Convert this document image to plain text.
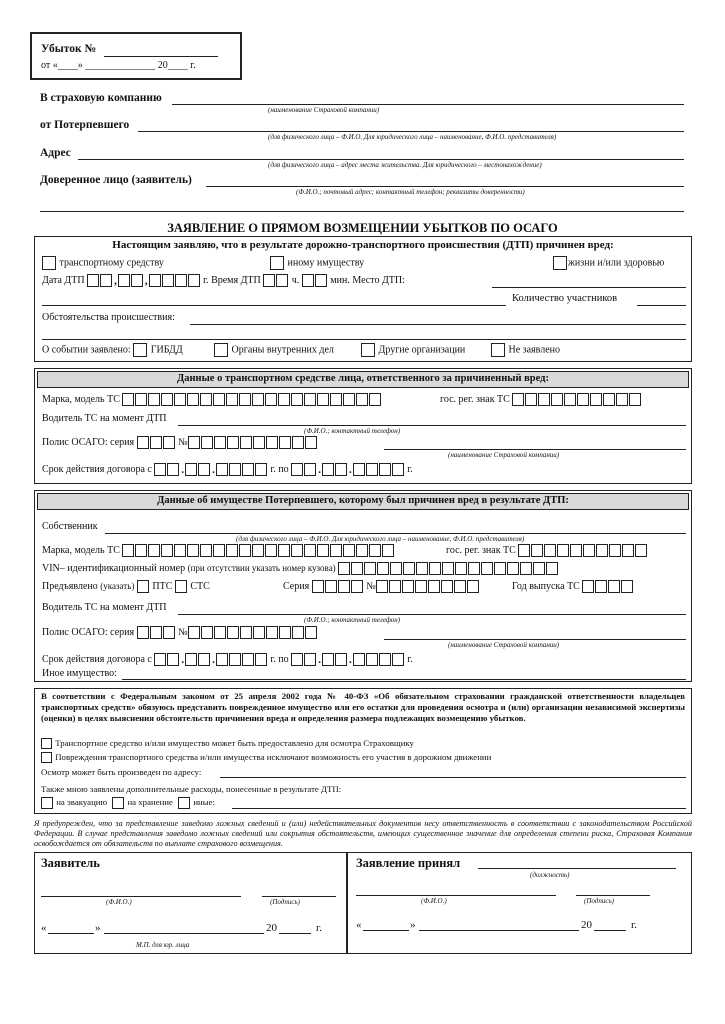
Убыток №
от «____» ______________ 20____ г.
В страховую компанию
(наименование Страховой компании)
от Потерпевшего
(для физического лица – Ф.И.О. Для юридического лица – наименование, Ф.И.О. представителя)
Адрес
(для физического лица – адрес места жительства. Для юридического – местонахождение)
Доверенное лицо (заявитель)
(Ф.И.О.; почтовый адрес; контактный телефон; реквизиты доверенности)
ЗАЯВЛЕНИЕ О ПРЯМОМ ВОЗМЕЩЕНИИ УБЫТКОВ ПО ОСАГО
Настоящим заявляю, что в результате дорожно-транспортного происшествия (ДТП) причинен вред:
транспортному средству	иному имуществу	жизни и/или здоровью
Дата ДТП	,	,	г. Время ДТП	ч.	мин. Место ДТП:
Количество участников
Обстоятельства происшествия:
О событии заявлено: ГИБДД	Органы внутренних дел	Другие организации	Не заявлено
Данные о транспортном средстве лица, ответственного за причиненный вред:
Марка, модель ТС	гос. рег. знак ТС
Водитель ТС на момент ДТП
(Ф.И.О.; контактный телефон)
Полис ОСАГО: серия	№
(наименование Страховой компании)
Срок действия договора с	.	.	г. по	.	.	г.
Данные об имуществе Потерпевшего, которому был причинен вред в результате ДТП:
Собственник
(для физического лица – Ф.И.О. Для юридического лица – наименование, Ф.И.О. представителя)
Марка, модель ТС	гос. рег. знак ТС
VIN– идентификационный номер (при отсутствии указать номер кузова)
Предъявлено (указать) ПТС СТС	Серия	№	Год выпуска ТС
Водитель ТС на момент ДТП
(Ф.И.О.; контактный телефон)
Полис ОСАГО: серия	№
(наименование Страховой компании)
Срок действия договора с	.	.	г. по	.	.	г.
Иное имущество:
В соответствии с Федеральным законом от 25 апреля 2002 года № 40-ФЗ «Об обязательном страховании гражданской ответственности владельцев транспортных средств» обязуюсь представить поврежденное имущество или его остатки для проведения осмотра и (или) организации независимой экспертизы (оценки) в целях выяснения обстоятельств причинения вреда и определения размера подлежащих возмещению убытков.
Транспортное средство и/или имущество может быть предоставлено для осмотра Страховщику
Повреждения транспортного средства и/или имущества исключают возможность его участия в дорожном движении
Осмотр может быть произведен по адресу:
Также мною заявлены дополнительные расходы, понесенные в результате ДТП:
на эвакуацию на хранение иные:
Я предупрежден, что за представление заведомо ложных сведений и (или) недействительных документов несу ответственность в соответствии с законодательством Российской Федерации. В случае представления заведомо ложных сведений или сокрытия обстоятельств, имеющих существенное значение для определения степени риска, Страховая Компания освобождается от обязательств по выплате страхового возмещения.
Заявитель
(Ф.И.О.)	(Подпись)
«	»	20	г.
М.П. для юр. лица
Заявление принял
(должность)
(Ф.И.О.)	(Подпись)
«	»	20	г.
